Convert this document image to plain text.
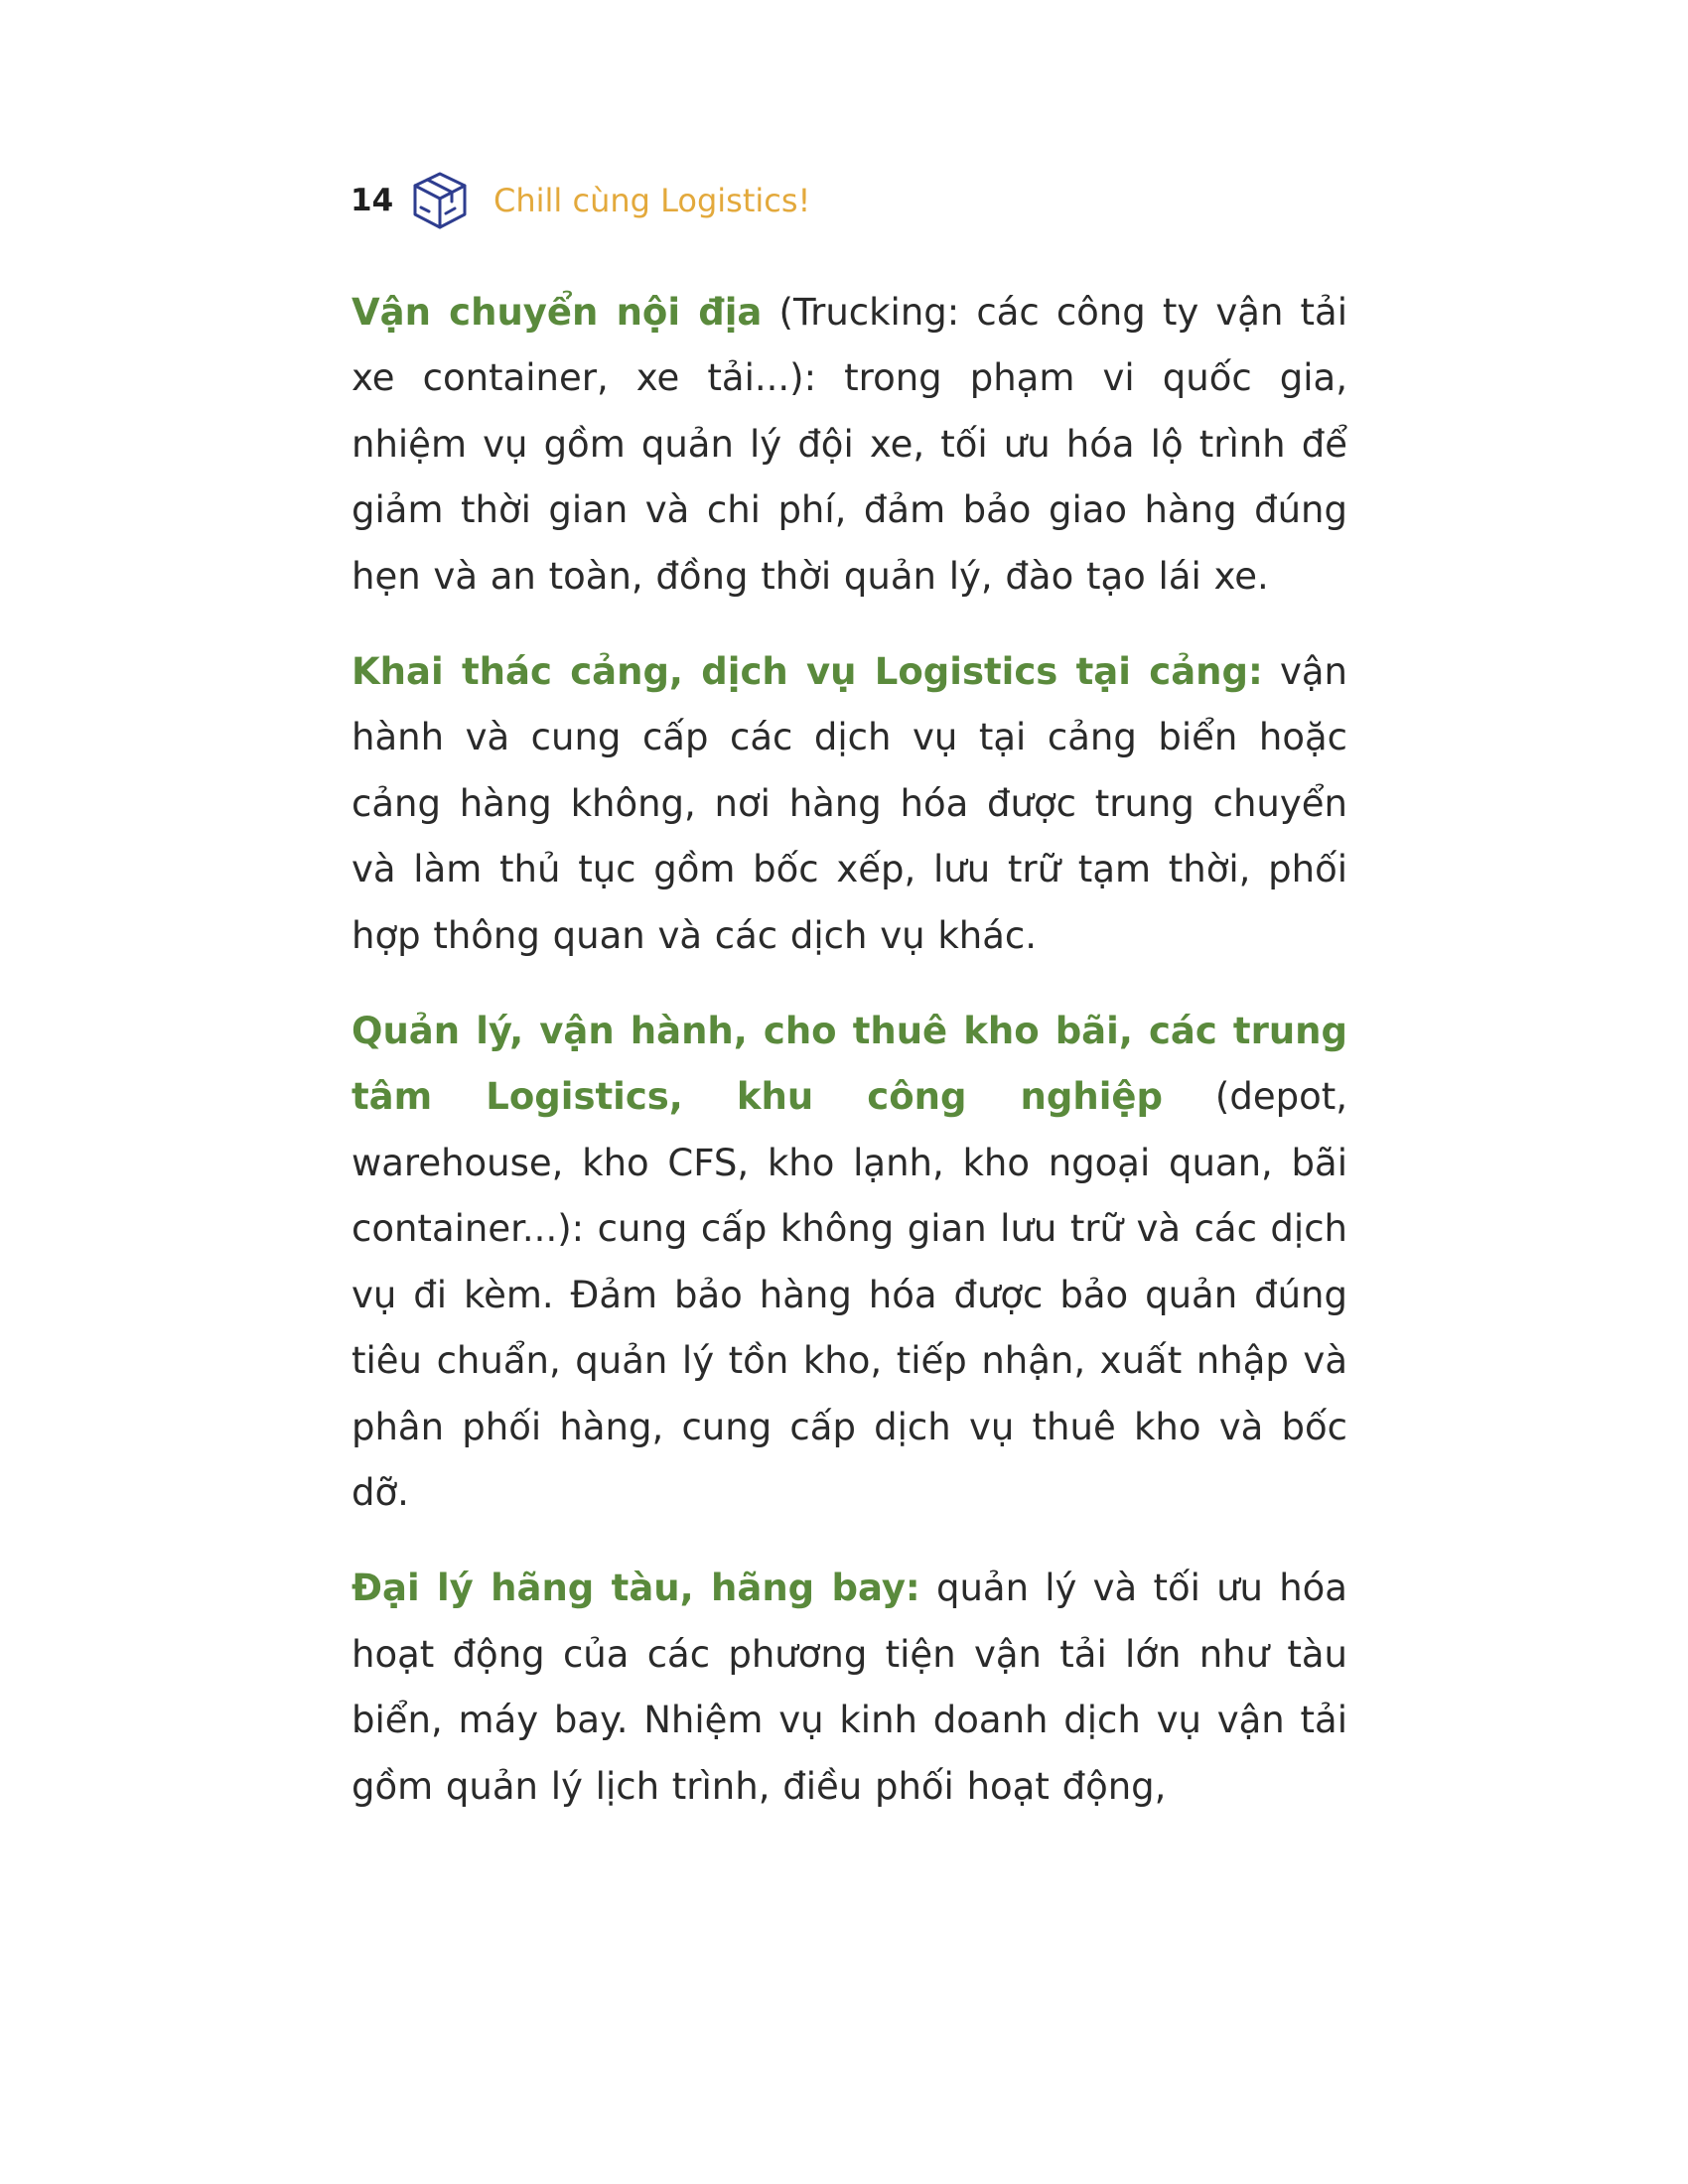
14	Chill cùng Logistics!

Vận chuyển nội địa (Trucking: các công ty vận tải xe container, xe tải...): trong phạm vi quốc gia, nhiệm vụ gồm quản lý đội xe, tối ưu hóa lộ trình để giảm thời gian và chi phí, đảm bảo giao hàng đúng hẹn và an toàn, đồng thời quản lý, đào tạo lái xe.

Khai thác cảng, dịch vụ Logistics tại cảng: vận hành và cung cấp các dịch vụ tại cảng biển hoặc cảng hàng không, nơi hàng hóa được trung chuyển và làm thủ tục gồm bốc xếp, lưu trữ tạm thời, phối hợp thông quan và các dịch vụ khác.

Quản lý, vận hành, cho thuê kho bãi, các trung tâm Logistics, khu công nghiệp (depot, warehouse, kho CFS, kho lạnh, kho ngoại quan, bãi container...): cung cấp không gian lưu trữ và các dịch vụ đi kèm. Đảm bảo hàng hóa được bảo quản đúng tiêu chuẩn, quản lý tồn kho, tiếp nhận, xuất nhập và phân phối hàng, cung cấp dịch vụ thuê kho và bốc dỡ.

Đại lý hãng tàu, hãng bay: quản lý và tối ưu hóa hoạt động của các phương tiện vận tải lớn như tàu biển, máy bay. Nhiệm vụ kinh doanh dịch vụ vận tải gồm quản lý lịch trình, điều phối hoạt động,
